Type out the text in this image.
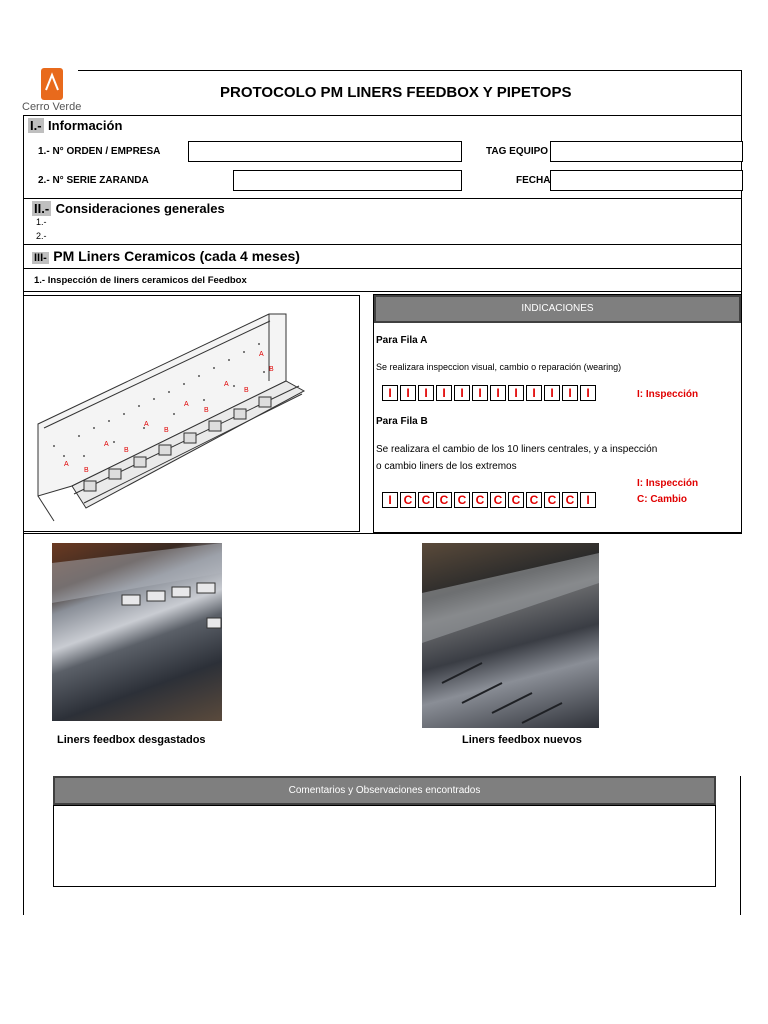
Cerro Verde
PROTOCOLO PM LINERS FEEDBOX Y PIPETOPS
I.- Información
1.- N° ORDEN / EMPRESA	TAG EQUIPO
2.- N° SERIE ZARANDA	FECHA
II.- Consideraciones generales
1.-
2.-
III- PM Liners Ceramicos (cada 4 meses)
1.- Inspección de liners ceramicos del Feedbox
A
B
A
B
A
B
A
B
A
B
A
B
INDICACIONES
Para Fila A
Se realizara inspeccion visual, cambio o reparación (wearing)
I	I	I	I	I	I	I	I	I	I	I	I	I: Inspección
Para Fila B
Se realizara el cambio de los 10 liners centrales, y a inspección
o cambio liners de los extremos
I C C C C C C C C C C	I
I: Inspección
C: Cambio
Liners feedbox desgastados	Liners feedbox nuevos
Comentarios y Observaciones encontrados
